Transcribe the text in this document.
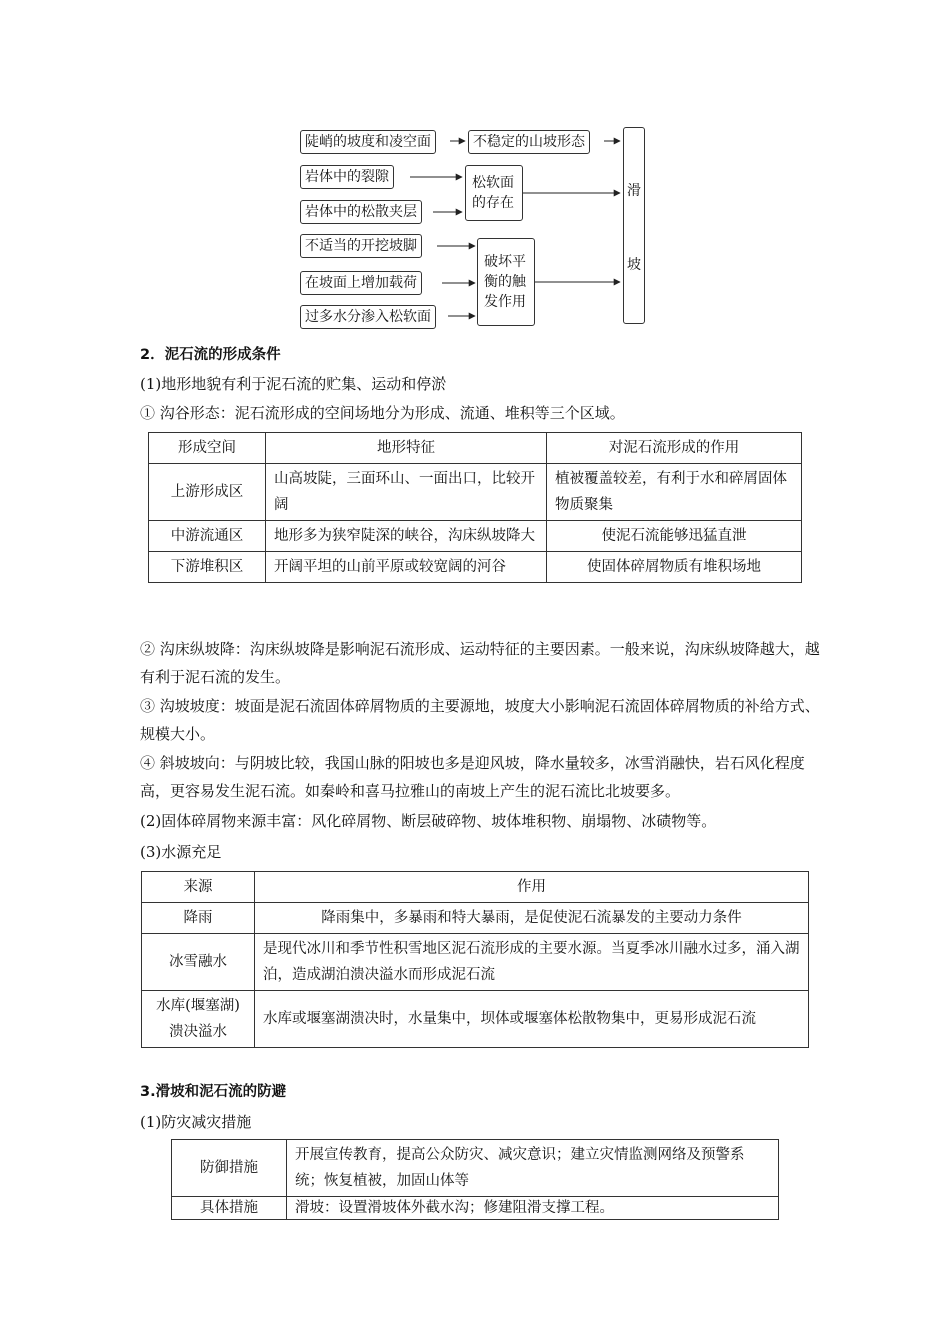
陡峭的坡度和凌空面	不稳定的山坡形态
岩体中的裂隙
岩体中的松散夹层
松软面的存在
不适当的开挖坡脚
在坡面上增加载荷
过多水分渗入松软面
破坏平衡的触发作用
滑
坡

2．泥石流的形成条件

(1)地形地貌有利于泥石流的贮集、运动和停淤

① 沟谷形态：泥石流形成的空间场地分为形成、流通、堆积等三个区域。

形成空间	地形特征	对泥石流形成的作用
上游形成区	山高坡陡，三面环山、一面出口，比较开阔	植被覆盖较差，有利于水和碎屑固体物质聚集
中游流通区	地形多为狭窄陡深的峡谷，沟床纵坡降大	使泥石流能够迅猛直泄
下游堆积区	开阔平坦的山前平原或较宽阔的河谷	使固体碎屑物质有堆积场地

② 沟床纵坡降：沟床纵坡降是影响泥石流形成、运动特征的主要因素。一般来说，沟床纵坡降越大，越有利于泥石流的发生。

③ 沟坡坡度：坡面是泥石流固体碎屑物质的主要源地，坡度大小影响泥石流固体碎屑物质的补给方式、规模大小。

④ 斜坡坡向：与阴坡比较，我国山脉的阳坡也多是迎风坡，降水量较多，冰雪消融快，岩石风化程度高，更容易发生泥石流。如秦岭和喜马拉雅山的南坡上产生的泥石流比北坡要多。

(2)固体碎屑物来源丰富：风化碎屑物、断层破碎物、坡体堆积物、崩塌物、冰碛物等。

(3)水源充足

来源	作用
降雨	降雨集中，多暴雨和特大暴雨，是促使泥石流暴发的主要动力条件
冰雪融水	是现代冰川和季节性积雪地区泥石流形成的主要水源。当夏季冰川融水过多，涌入湖泊，造成湖泊溃决溢水而形成泥石流
水库(堰塞湖)溃决溢水	水库或堰塞湖溃决时，水量集中，坝体或堰塞体松散物集中，更易形成泥石流

3.滑坡和泥石流的防避

(1)防灾减灾措施

防御措施	开展宣传教育，提高公众防灾、减灾意识；建立灾情监测网络及预警系统；恢复植被，加固山体等
具体措施	滑坡：设置滑坡体外截水沟；修建阻滑支撑工程。
